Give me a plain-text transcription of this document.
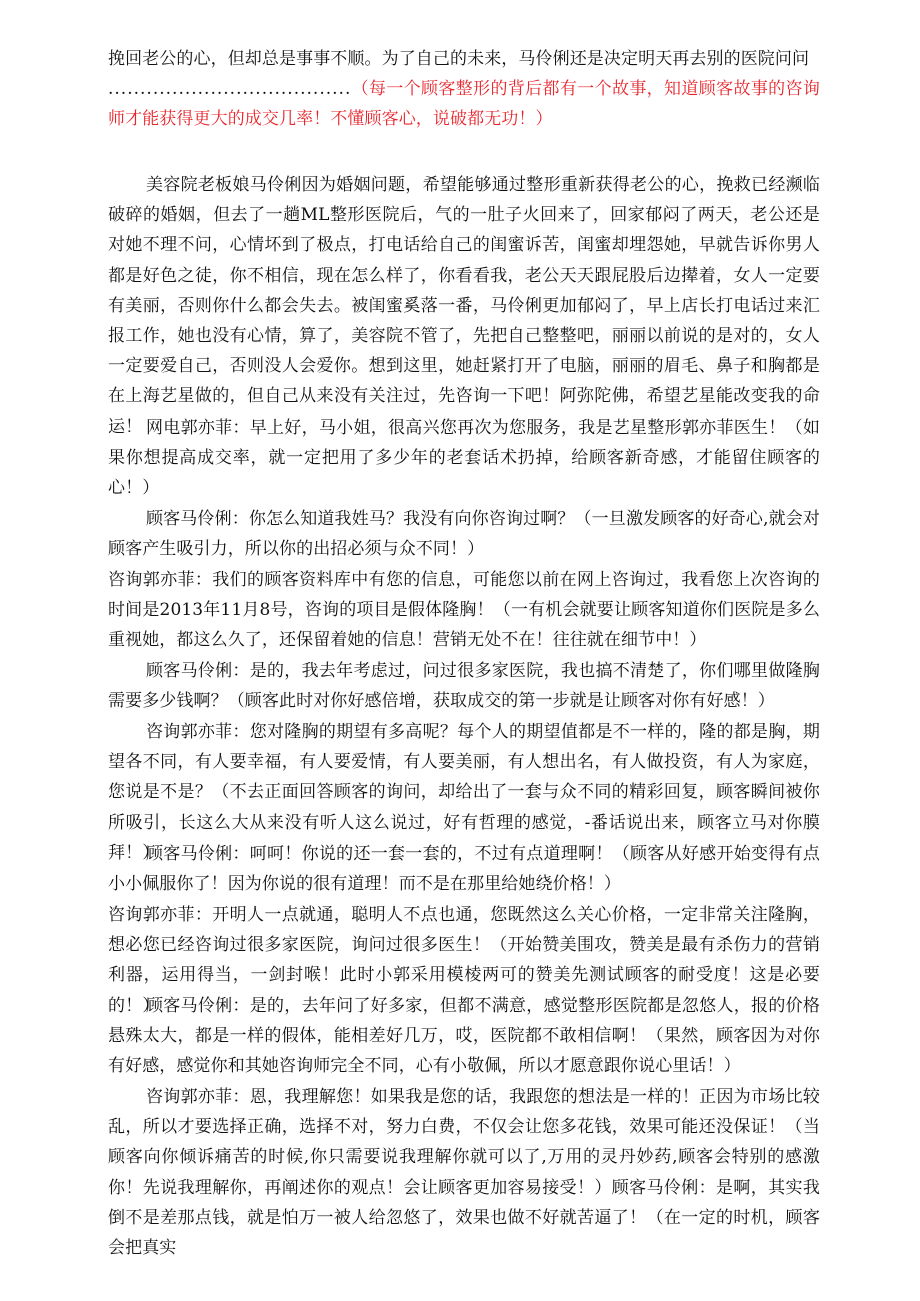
挽回老公的心，但却总是事事不顺。为了自己的未来，马伶俐还是决定明天再去别的医院问问
......................................（每一个顾客整形的背后都有一个故事，知道顾客故事的咨询师才能获得更大的成交几率！不懂顾客心，说破都无功！）

美容院老板娘马伶俐因为婚姻问题，希望能够通过整形重新获得老公的心，挽救已经濒临破碎的婚姻，但去了一趟ML整形医院后，气的一肚子火回来了，回家郁闷了两天，老公还是对她不理不问，心情坏到了极点，打电话给自己的闺蜜诉苦，闺蜜却埋怨她，早就告诉你男人都是好色之徒，你不相信，现在怎么样了，你看看我，老公天天跟屁股后边撵着，女人一定要有美丽，否则你什么都会失去。被闺蜜奚落一番，马伶俐更加郁闷了，早上店长打电话过来汇报工作，她也没有心情，算了，美容院不管了，先把自己整整吧，丽丽以前说的是对的，女人一定要爱自己，否则没人会爱你。想到这里，她赶紧打开了电脑，丽丽的眉毛、鼻子和胸都是在上海艺星做的，但自己从来没有关注过，先咨询一下吧！阿弥陀佛，希望艺星能改变我的命运！ 网电郭亦菲：早上好，马小姐，很高兴您再次为您服务，我是艺星整形郭亦菲医生！（如果你想提高成交率，就一定把用了多少年的老套话术扔掉，给顾客新奇感，才能留住顾客的心！）

顾客马伶俐：你怎么知道我姓马？我没有向你咨询过啊？（一旦激发顾客的好奇心,就会对顾客产生吸引力，所以你的出招必须与众不同！）

咨询郭亦菲：我们的顾客资料库中有您的信息，可能您以前在网上咨询过，我看您上次咨询的时间是2013年11月8号，咨询的项目是假体隆胸！（一有机会就要让顾客知道你们医院是多么重视她，都这么久了，还保留着她的信息！营销无处不在！往往就在细节中！）

顾客马伶俐：是的，我去年考虑过，问过很多家医院，我也搞不清楚了，你们哪里做隆胸需要多少钱啊？（顾客此时对你好感倍增，获取成交的第一步就是让顾客对你有好感！）

咨询郭亦菲：您对隆胸的期望有多高呢？每个人的期望值都是不一样的，隆的都是胸，期望各不同，有人要幸福，有人要爱情，有人要美丽，有人想出名，有人做投资，有人为家庭，您说是不是？（不去正面回答顾客的询问，却给出了一套与众不同的精彩回复，顾客瞬间被你所吸引，长这么大从来没有听人这么说过，好有哲理的感觉，-番话说出来，顾客立马对你膜拜！）

顾客马伶俐：呵呵！你说的还一套一套的，不过有点道理啊！（顾客从好感开始变得有点小小佩服你了！因为你说的很有道理！而不是在那里给她绕价格！）

咨询郭亦菲：开明人一点就通，聪明人不点也通，您既然这么关心价格，一定非常关注隆胸，想必您已经咨询过很多家医院，询问过很多医生！（开始赞美围攻，赞美是最有杀伤力的营销利器，运用得当，一剑封喉！此时小郭采用模棱两可的赞美先测试顾客的耐受度！这是必要的！）

顾客马伶俐：是的，去年问了好多家，但都不满意，感觉整形医院都是忽悠人，报的价格悬殊太大，都是一样的假体，能相差好几万，哎，医院都不敢相信啊！（果然，顾客因为对你有好感，感觉你和其她咨询师完全不同，心有小敬佩，所以才愿意跟你说心里话！）

咨询郭亦菲：恩，我理解您！如果我是您的话，我跟您的想法是一样的！正因为市场比较乱，所以才要选择正确，选择不对，努力白费，不仅会让您多花钱，效果可能还没保证！（当顾客向你倾诉痛苦的时候,你只需要说我理解你就可以了,万用的灵丹妙药,顾客会特别的感激你！先说我理解你，再阐述你的观点！会让顾客更加容易接受！）顾客马伶俐：是啊，其实我倒不是差那点钱，就是怕万一被人给忽悠了，效果也做不好就苦逼了！（在一定的时机，顾客会把真实
